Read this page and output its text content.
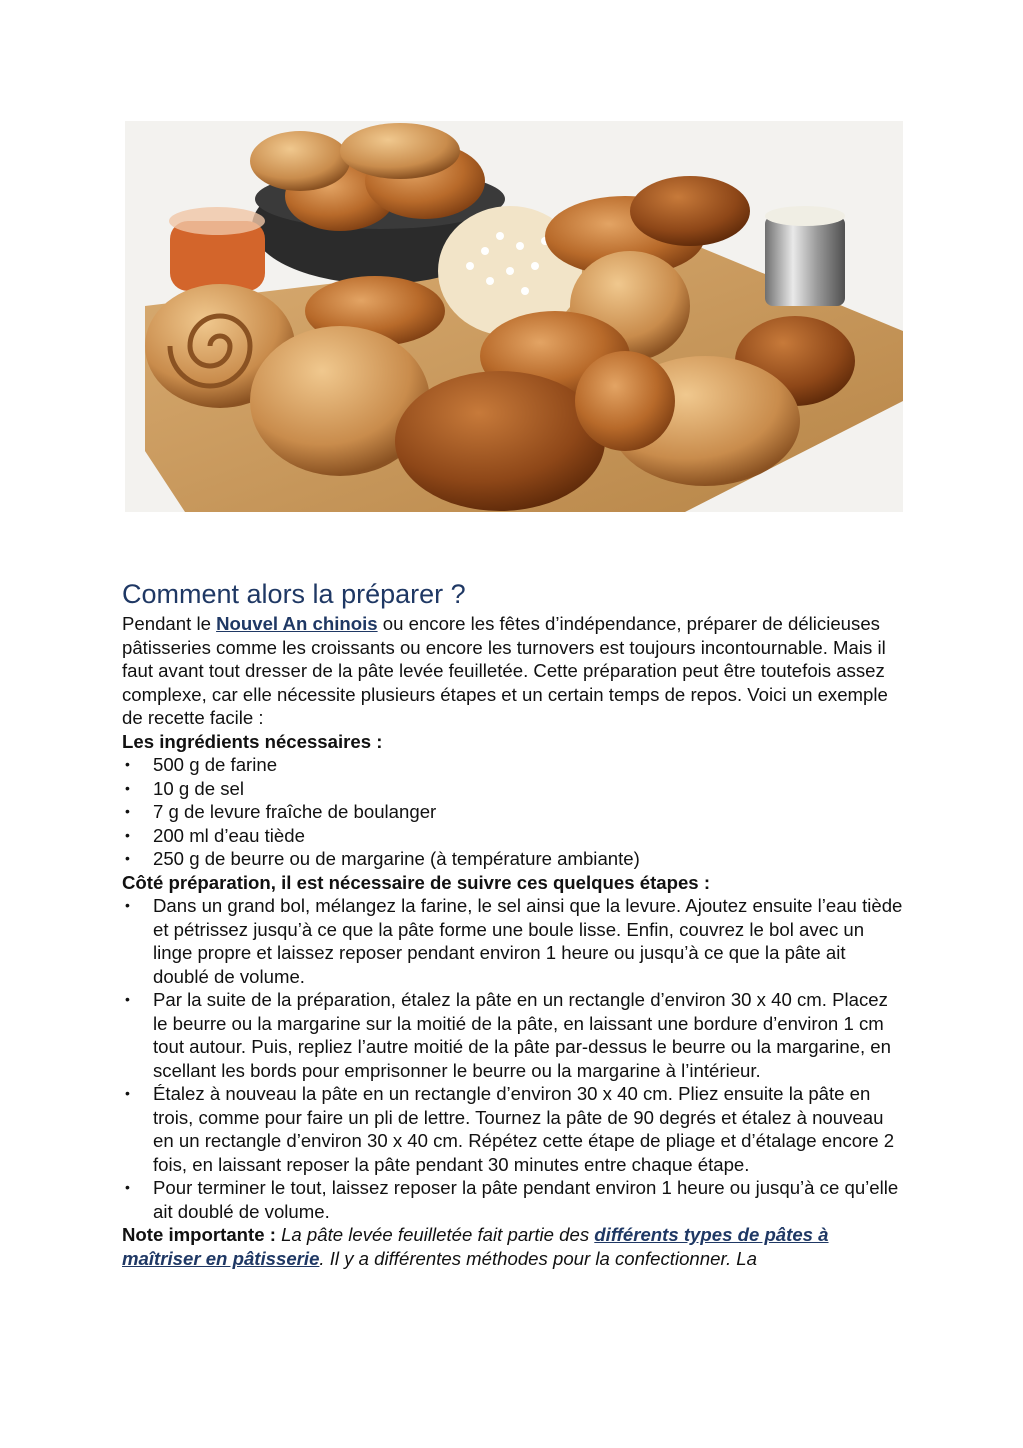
Comment alors la préparer ?

Pendant le Nouvel An chinois ou encore les fêtes d’indépendance, préparer de délicieuses pâtisseries comme les croissants ou encore les turnovers est toujours incontournable. Mais il faut avant tout dresser de la pâte levée feuilletée. Cette préparation peut être toutefois assez complexe, car elle nécessite plusieurs étapes et un certain temps de repos. Voici un exemple de recette facile :

Les ingrédients nécessaires :

• 500 g de farine
• 10 g de sel
• 7 g de levure fraîche de boulanger
• 200 ml d’eau tiède
• 250 g de beurre ou de margarine (à température ambiante)

Côté préparation, il est nécessaire de suivre ces quelques étapes :

• Dans un grand bol, mélangez la farine, le sel ainsi que la levure. Ajoutez ensuite l’eau tiède et pétrissez jusqu’à ce que la pâte forme une boule lisse. Enfin, couvrez le bol avec un linge propre et laissez reposer pendant environ 1 heure ou jusqu’à ce que la pâte ait doublé de volume.
• Par la suite de la préparation, étalez la pâte en un rectangle d’environ 30 x 40 cm. Placez le beurre ou la margarine sur la moitié de la pâte, en laissant une bordure d’environ 1 cm tout autour. Puis, repliez l’autre moitié de la pâte par-dessus le beurre ou la margarine, en scellant les bords pour emprisonner le beurre ou la margarine à l’intérieur.
• Étalez à nouveau la pâte en un rectangle d’environ 30 x 40 cm. Pliez ensuite la pâte en trois, comme pour faire un pli de lettre. Tournez la pâte de 90 degrés et étalez à nouveau en un rectangle d’environ 30 x 40 cm. Répétez cette étape de pliage et d’étalage encore 2 fois, en laissant reposer la pâte pendant 30 minutes entre chaque étape.
• Pour terminer le tout, laissez reposer la pâte pendant environ 1 heure ou jusqu’à ce qu’elle ait doublé de volume.

Note importante : La pâte levée feuilletée fait partie des différents types de pâtes à maîtriser en pâtisserie. Il y a différentes méthodes pour la confectionner. La
